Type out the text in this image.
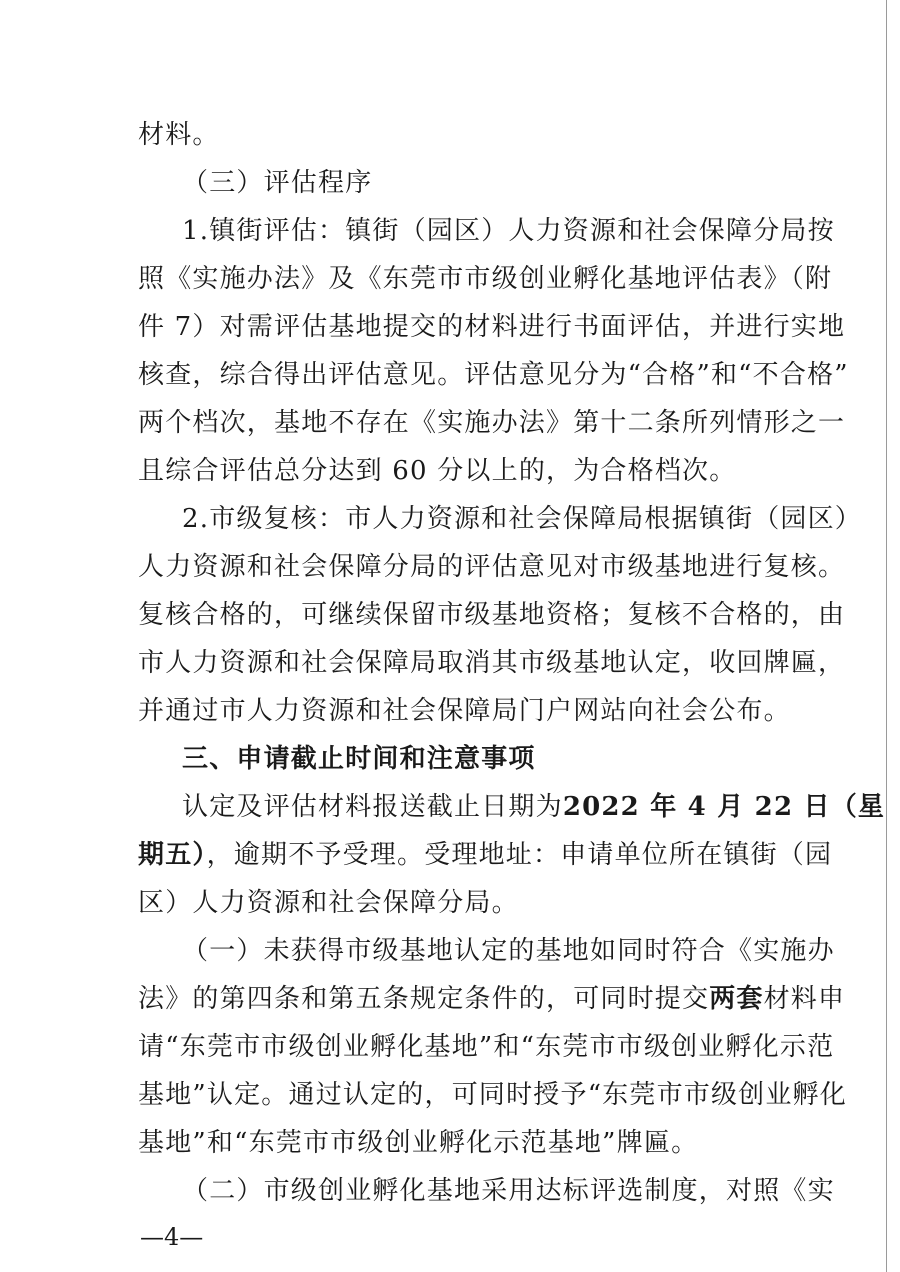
材料。
（三）评估程序
1.镇街评估：镇街（园区）人力资源和社会保障分局按
照《实施办法》及《东莞市市级创业孵化基地评估表》（附
件 7）对需评估基地提交的材料进行书面评估，并进行实地
核查，综合得出评估意见。评估意见分为“合格”和“不合格”
两个档次，基地不存在《实施办法》第十二条所列情形之一
且综合评估总分达到 60 分以上的，为合格档次。
2.市级复核：市人力资源和社会保障局根据镇街（园区）
人力资源和社会保障分局的评估意见对市级基地进行复核。
复核合格的，可继续保留市级基地资格；复核不合格的，由
市人力资源和社会保障局取消其市级基地认定，收回牌匾，
并通过市人力资源和社会保障局门户网站向社会公布。
三、申请截止时间和注意事项
认定及评估材料报送截止日期为2022 年 4 月 22 日（星
期五），逾期不予受理。受理地址：申请单位所在镇街（园
区）人力资源和社会保障分局。
（一）未获得市级基地认定的基地如同时符合《实施办
法》的第四条和第五条规定条件的，可同时提交两套材料申
请“东莞市市级创业孵化基地”和“东莞市市级创业孵化示范
基地”认定。通过认定的，可同时授予“东莞市市级创业孵化
基地”和“东莞市市级创业孵化示范基地”牌匾。
（二）市级创业孵化基地采用达标评选制度，对照《实
—4—
